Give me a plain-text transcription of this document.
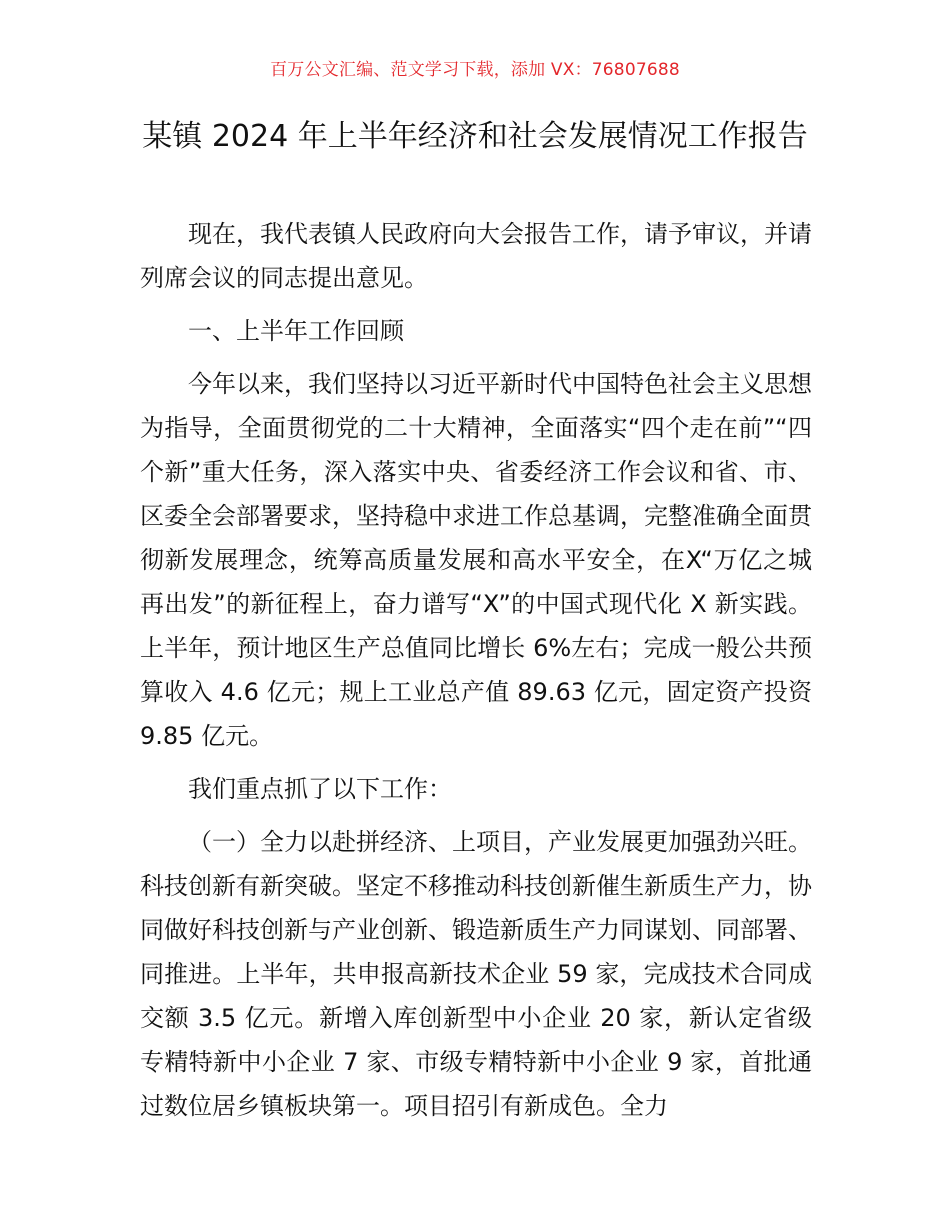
百万公文汇编、范文学习下载，添加 VX：76807688
某镇 2024 年上半年经济和社会发展情况工作报告

现在，我代表镇人民政府向大会报告工作，请予审议，并请列席会议的同志提出意见。

一、上半年工作回顾

今年以来，我们坚持以习近平新时代中国特色社会主义思想为指导，全面贯彻党的二十大精神，全面落实“四个走在前”“四个新”重大任务，深入落实中央、省委经济工作会议和省、市、区委全会部署要求，坚持稳中求进工作总基调，完整准确全面贯彻新发展理念，统筹高质量发展和高水平安全，在X“万亿之城再出发”的新征程上，奋力谱写“X”的中国式现代化 X 新实践。上半年，预计地区生产总值同比增长 6%左右；完成一般公共预算收入 4.6 亿元；规上工业总产值 89.63 亿元，固定资产投资 9.85 亿元。

我们重点抓了以下工作：

（一）全力以赴拼经济、上项目，产业发展更加强劲兴旺。科技创新有新突破。坚定不移推动科技创新催生新质生产力，协同做好科技创新与产业创新、锻造新质生产力同谋划、同部署、同推进。上半年，共申报高新技术企业 59 家，完成技术合同成交额 3.5 亿元。新增入库创新型中小企业 20 家，新认定省级专精特新中小企业 7 家、市级专精特新中小企业 9 家，首批通过数位居乡镇板块第一。项目招引有新成色。全力
